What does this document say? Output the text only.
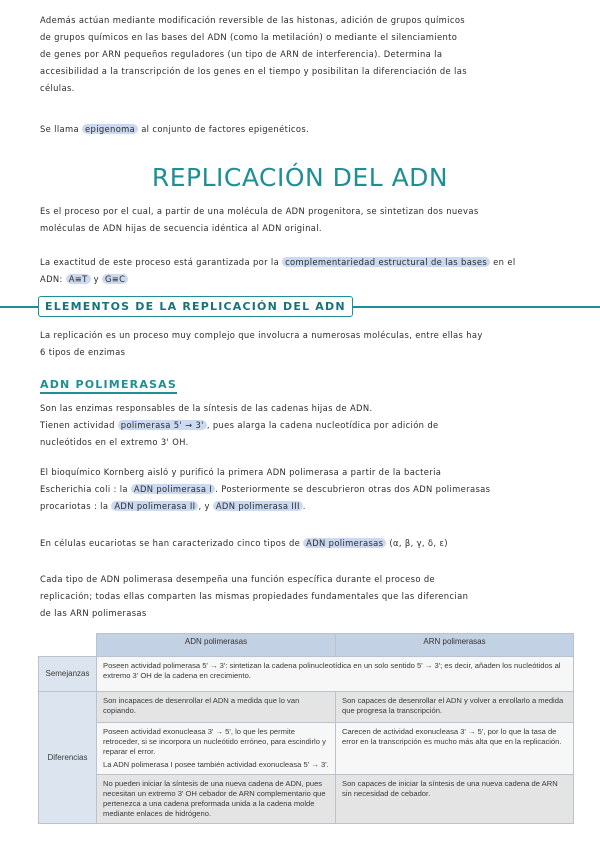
Además actúan mediante modificación reversible de las histonas, adición de grupos químicos
de grupos químicos en las bases del ADN (como la metilación) o mediante el silenciamiento
de genes por ARN pequeños reguladores (un tipo de ARN de interferencia). Determina la
accesibilidad a la transcripción de los genes en el tiempo y posibilitan la diferenciación de las
células.
Se llama epigenoma al conjunto de factores epigenéticos.
REPLICACIÓN DEL ADN
Es el proceso por el cual, a partir de una molécula de ADN progenitora, se sintetizan dos nuevas
moléculas de ADN hijas de secuencia idéntica al ADN original.
La exactitud de este proceso está garantizada por la complementariedad estructural de las bases en el
ADN: A≡T y G≡C
ELEMENTOS DE LA REPLICACIÓN DEL ADN
La replicación es un proceso muy complejo que involucra a numerosas moléculas, entre ellas hay
6 tipos de enzimas
ADN POLIMERASAS
Son las enzimas responsables de la síntesis de las cadenas hijas de ADN.
Tienen actividad polimerasa 5' → 3' , pues alarga la cadena nucleotídica por adición de
nucleótidos en el extremo 3' OH.
El bioquímico Kornberg aisló y purificó la primera ADN polimerasa a partir de la bacteria
Escherichia coli : la ADN polimerasa I . Posteriormente se descubrieron otras dos ADN polimerasas
procariotas : la ADN polimerasa II , y ADN polimerasa III .
En células eucariotas se han caracterizado cinco tipos de ADN polimerasas (α, β, γ, δ, ε)
Cada tipo de ADN polimerasa desempeña una función específica durante el proceso de
replicación; todas ellas comparten las mismas propiedades fundamentales que las diferencian
de las ARN polimerasas
	ADN polimerasas	ARN polimerasas
Semejanzas	Poseen actividad polimerasa 5' → 3': sintetizan la cadena polinucleotídica en un solo sentido 5' → 3'; es decir, añaden los nucleótidos al extremo 3' OH de la cadena en crecimiento.	
Diferencias	Son incapaces de desenrollar el ADN a medida que lo van copiando.	Son capaces de desenrollar el ADN y volver a enrollarlo a medida que progresa la transcripción.

	Poseen actividad exonucleasa 3' → 5', lo que les permite retroceder, si se incorpora un nucleótido erróneo, para escindirlo y reparar el error.
La ADN polimerasa I posee también actividad exonucleasa 5' → 3'.	Carecen de actividad exonucleasa 3' → 5', por lo que la tasa de error en la transcripción es mucho más alta que en la replicación.
	No pueden iniciar la síntesis de una nueva cadena de ADN, pues necesitan un extremo 3' OH cebador de ARN complementario que pertenezca a una cadena preformada unida a la cadena molde mediante enlaces de hidrógeno.	Son capaces de iniciar la síntesis de una nueva cadena de ARN sin necesidad de cebador.
